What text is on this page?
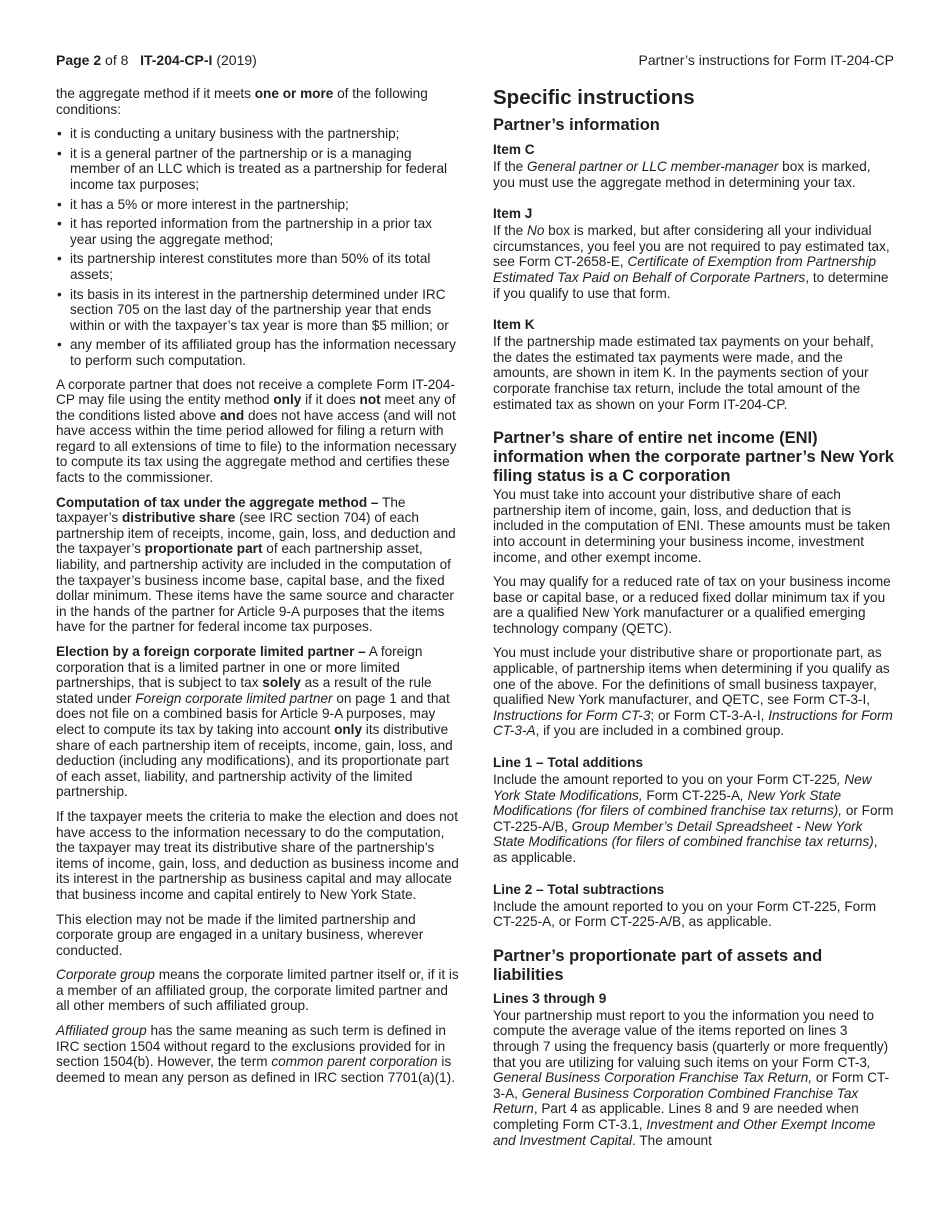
Page 2 of 8 IT-204-CP-I (2019)	Partner’s instructions for Form IT-204-CP

the aggregate method if it meets one or more of the following conditions:

• it is conducting a unitary business with the partnership;
• it is a general partner of the partnership or is a managing member of an LLC which is treated as a partnership for federal income tax purposes;
• it has a 5% or more interest in the partnership;
• it has reported information from the partnership in a prior tax year using the aggregate method;
• its partnership interest constitutes more than 50% of its total assets;
• its basis in its interest in the partnership determined under IRC section 705 on the last day of the partnership year that ends within or with the taxpayer’s tax year is more than $5 million; or
• any member of its affiliated group has the information necessary to perform such computation.

A corporate partner that does not receive a complete Form IT-204-CP may file using the entity method only if it does not meet any of the conditions listed above and does not have access (and will not have access within the time period allowed for filing a return with regard to all extensions of time to file) to the information necessary to compute its tax using the aggregate method and certifies these facts to the commissioner.

Computation of tax under the aggregate method – The taxpayer’s distributive share (see IRC section 704) of each partnership item of receipts, income, gain, loss, and deduction and the taxpayer’s proportionate part of each partnership asset, liability, and partnership activity are included in the computation of the taxpayer’s business income base, capital base, and the fixed dollar minimum. These items have the same source and character in the hands of the partner for Article 9-A purposes that the items have for the partner for federal income tax purposes.

Election by a foreign corporate limited partner – A foreign corporation that is a limited partner in one or more limited partnerships, that is subject to tax solely as a result of the rule stated under Foreign corporate limited partner on page 1 and that does not file on a combined basis for Article 9-A purposes, may elect to compute its tax by taking into account only its distributive share of each partnership item of receipts, income, gain, loss, and deduction (including any modifications), and its proportionate part of each asset, liability, and partnership activity of the limited partnership.

If the taxpayer meets the criteria to make the election and does not have access to the information necessary to do the computation, the taxpayer may treat its distributive share of the partnership’s items of income, gain, loss, and deduction as business income and its interest in the partnership as business capital and may allocate that business income and capital entirely to New York State.

This election may not be made if the limited partnership and corporate group are engaged in a unitary business, wherever conducted.

Corporate group means the corporate limited partner itself or, if it is a member of an affiliated group, the corporate limited partner and all other members of such affiliated group.

Affiliated group has the same meaning as such term is defined in IRC section 1504 without regard to the exclusions provided for in section 1504(b). However, the term common parent corporation is deemed to mean any person as defined in IRC section 7701(a)(1).

Specific instructions
Partner’s information
Item C

If the General partner or LLC member-manager box is marked, you must use the aggregate method in determining your tax.

Item J

If the No box is marked, but after considering all your individual circumstances, you feel you are not required to pay estimated tax, see Form CT-2658-E, Certificate of Exemption from Partnership Estimated Tax Paid on Behalf of Corporate Partners, to determine if you qualify to use that form.

Item K

If the partnership made estimated tax payments on your behalf, the dates the estimated tax payments were made, and the amounts, are shown in item K. In the payments section of your corporate franchise tax return, include the total amount of the estimated tax as shown on your Form IT-204-CP.

Partner’s share of entire net income (ENI) information when the corporate partner’s New York filing status is a C corporation

You must take into account your distributive share of each partnership item of income, gain, loss, and deduction that is included in the computation of ENI. These amounts must be taken into account in determining your business income, investment income, and other exempt income.

You may qualify for a reduced rate of tax on your business income base or capital base, or a reduced fixed dollar minimum tax if you are a qualified New York manufacturer or a qualified emerging technology company (QETC).

You must include your distributive share or proportionate part, as applicable, of partnership items when determining if you qualify as one of the above. For the definitions of small business taxpayer, qualified New York manufacturer, and QETC, see Form CT-3-I, Instructions for Form CT-3; or Form CT-3-A-I, Instructions for Form CT-3-A, if you are included in a combined group.

Line 1 – Total additions

Include the amount reported to you on your Form CT-225, New York State Modifications, Form CT-225-A, New York State Modifications (for filers of combined franchise tax returns), or Form CT-225-A/B, Group Member’s Detail Spreadsheet - New York State Modifications (for filers of combined franchise tax returns), as applicable.

Line 2 – Total subtractions

Include the amount reported to you on your Form CT-225, Form CT-225-A, or Form CT-225-A/B, as applicable.

Partner’s proportionate part of assets and liabilities
Lines 3 through 9

Your partnership must report to you the information you need to compute the average value of the items reported on lines 3 through 7 using the frequency basis (quarterly or more frequently) that you are utilizing for valuing such items on your Form CT-3, General Business Corporation Franchise Tax Return, or Form CT-3-A, General Business Corporation Combined Franchise Tax Return, Part 4 as applicable. Lines 8 and 9 are needed when completing Form CT-3.1, Investment and Other Exempt Income and Investment Capital. The amount
